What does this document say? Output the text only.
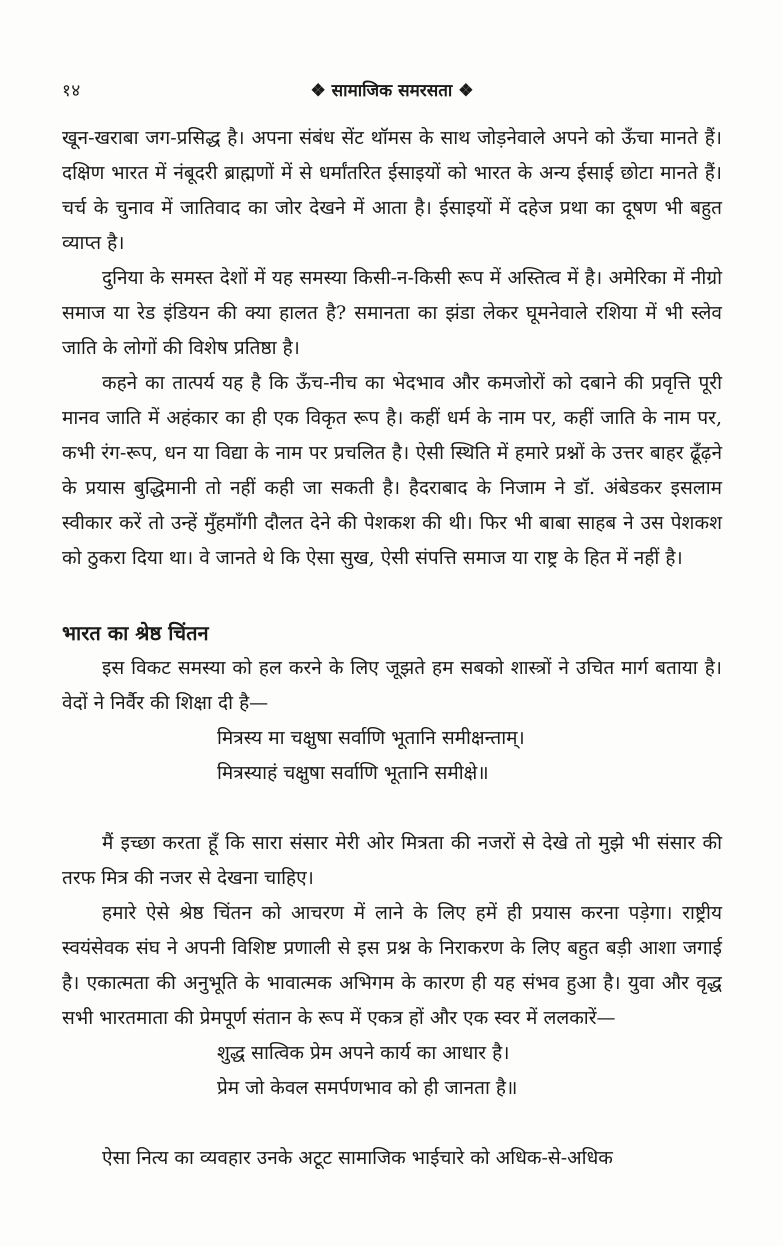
१४	❖ सामाजिक समरसता ❖

खून-खराबा जग-प्रसिद्ध है। अपना संबंध सेंट थॉमस के साथ जोड़नेवाले अपने को ऊँचा मानते हैं। दक्षिण भारत में नंबूदरी ब्राह्मणों में से धर्मांतरित ईसाइयों को भारत के अन्य ईसाई छोटा मानते हैं। चर्च के चुनाव में जातिवाद का जोर देखने में आता है। ईसाइयों में दहेज प्रथा का दूषण भी बहुत व्याप्त है।

दुनिया के समस्त देशों में यह समस्या किसी-न-किसी रूप में अस्तित्व में है। अमेरिका में नीग्रो समाज या रेड इंडियन की क्या हालत है? समानता का झंडा लेकर घूमनेवाले रशिया में भी स्लेव जाति के लोगों की विशेष प्रतिष्ठा है।

कहने का तात्पर्य यह है कि ऊँच-नीच का भेदभाव और कमजोरों को दबाने की प्रवृत्ति पूरी मानव जाति में अहंकार का ही एक विकृत रूप है। कहीं धर्म के नाम पर, कहीं जाति के नाम पर, कभी रंग-रूप, धन या विद्या के नाम पर प्रचलित है। ऐसी स्थिति में हमारे प्रश्नों के उत्तर बाहर ढूँढ़ने के प्रयास बुद्धिमानी तो नहीं कही जा सकती है। हैदराबाद के निजाम ने डॉ. अंबेडकर इसलाम स्वीकार करें तो उन्हें मुँहमाँगी दौलत देने की पेशकश की थी। फिर भी बाबा साहब ने उस पेशकश को ठुकरा दिया था। वे जानते थे कि ऐसा सुख, ऐसी संपत्ति समाज या राष्ट्र के हित में नहीं है।

भारत का श्रेष्ठ चिंतन

इस विकट समस्या को हल करने के लिए जूझते हम सबको शास्त्रों ने उचित मार्ग बताया है। वेदों ने निर्वैर की शिक्षा दी है—

मित्रस्य मा चक्षुषा सर्वाणि भूतानि समीक्षन्ताम्।
मित्रस्याहं चक्षुषा सर्वाणि भूतानि समीक्षे॥

मैं इच्छा करता हूँ कि सारा संसार मेरी ओर मित्रता की नजरों से देखे तो मुझे भी संसार की तरफ मित्र की नजर से देखना चाहिए।

हमारे ऐसे श्रेष्ठ चिंतन को आचरण में लाने के लिए हमें ही प्रयास करना पड़ेगा। राष्ट्रीय स्वयंसेवक संघ ने अपनी विशिष्ट प्रणाली से इस प्रश्न के निराकरण के लिए बहुत बड़ी आशा जगाई है। एकात्मता की अनुभूति के भावात्मक अभिगम के कारण ही यह संभव हुआ है। युवा और वृद्ध सभी भारतमाता की प्रेमपूर्ण संतान के रूप में एकत्र हों और एक स्वर में ललकारें—

शुद्ध सात्विक प्रेम अपने कार्य का आधार है।
प्रेम जो केवल समर्पणभाव को ही जानता है॥

ऐसा नित्य का व्यवहार उनके अटूट सामाजिक भाईचारे को अधिक-से-अधिक
